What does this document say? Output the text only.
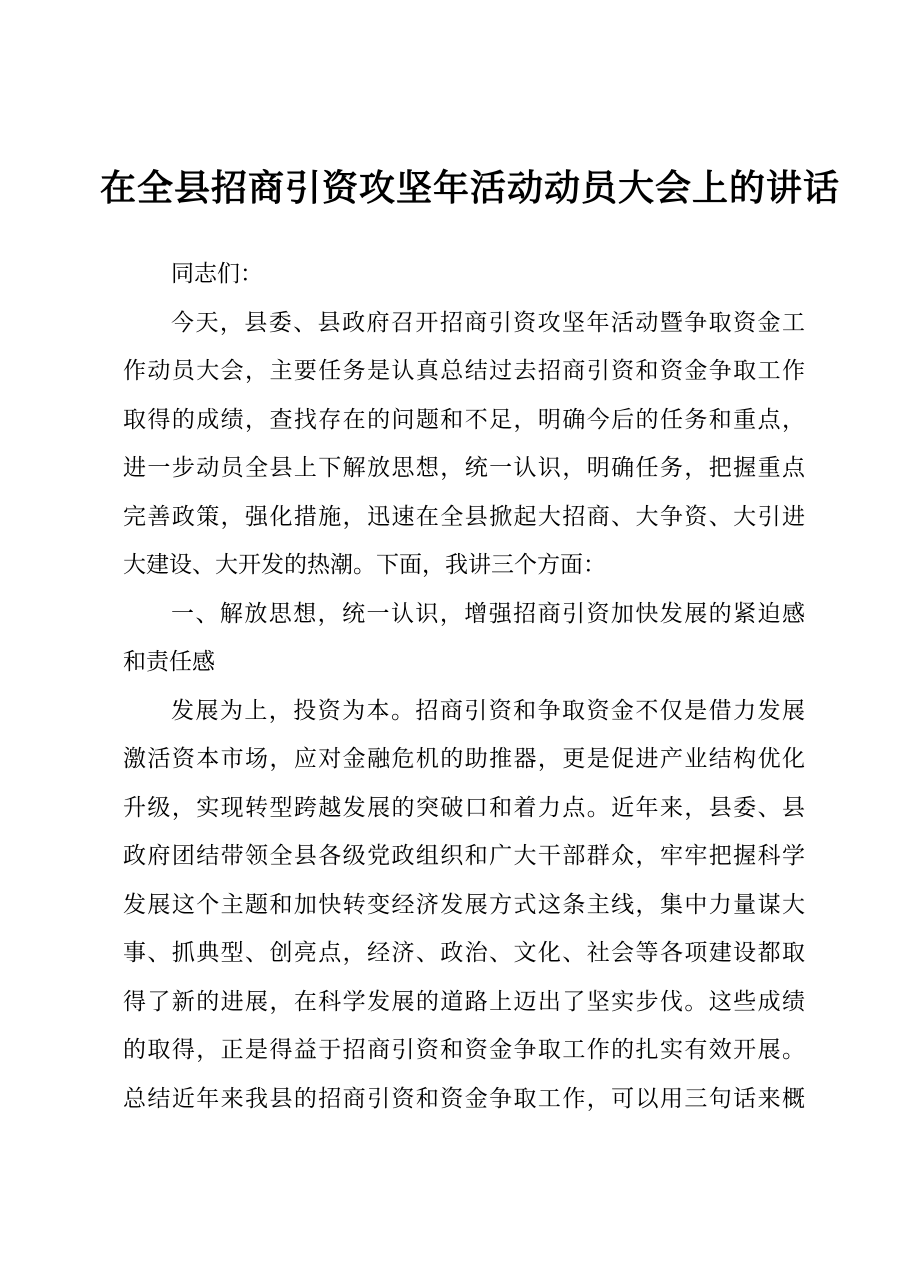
在全县招商引资攻坚年活动动员大会上的讲话
同志们：
今天，县委、县政府召开招商引资攻坚年活动暨争取资金工
作动员大会，主要任务是认真总结过去招商引资和资金争取工作
取得的成绩，查找存在的问题和不足，明确今后的任务和重点，
进一步动员全县上下解放思想，统一认识，明确任务，把握重点
完善政策，强化措施，迅速在全县掀起大招商、大争资、大引进
大建设、大开发的热潮。下面，我讲三个方面：
一、解放思想，统一认识，增强招商引资加快发展的紧迫感
和责任感
发展为上，投资为本。招商引资和争取资金不仅是借力发展
激活资本市场，应对金融危机的助推器，更是促进产业结构优化
升级，实现转型跨越发展的突破口和着力点。近年来，县委、县
政府团结带领全县各级党政组织和广大干部群众，牢牢把握科学
发展这个主题和加快转变经济发展方式这条主线，集中力量谋大
事、抓典型、创亮点，经济、政治、文化、社会等各项建设都取
得了新的进展，在科学发展的道路上迈出了坚实步伐。这些成绩
的取得，正是得益于招商引资和资金争取工作的扎实有效开展。
总结近年来我县的招商引资和资金争取工作，可以用三句话来概
